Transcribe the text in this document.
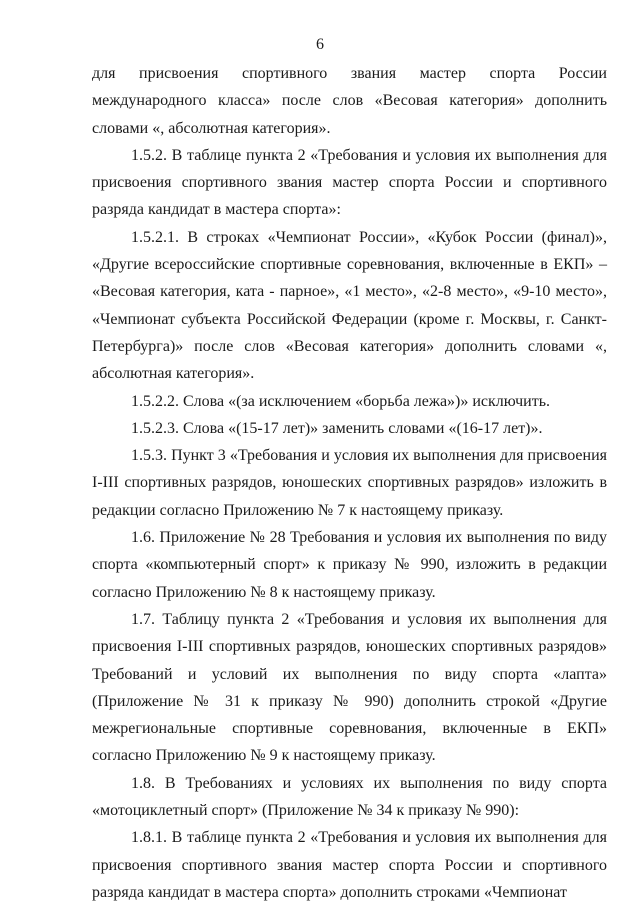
6

для присвоения спортивного звания мастер спорта России международного класса» после слов «Весовая категория» дополнить словами «, абсолютная категория».

1.5.2. В таблице пункта 2 «Требования и условия их выполнения для присвоения спортивного звания мастер спорта России и спортивного разряда кандидат в мастера спорта»:

1.5.2.1. В строках «Чемпионат России», «Кубок России (финал)», «Другие всероссийские спортивные соревнования, включенные в ЕКП» – «Весовая категория, ката - парное», «1 место», «2-8 место», «9-10 место», «Чемпионат субъекта Российской Федерации (кроме г. Москвы, г. Санкт-Петербурга)» после слов «Весовая категория» дополнить словами «, абсолютная категория».

1.5.2.2. Слова «(за исключением «борьба лежа»)» исключить.

1.5.2.3. Слова «(15-17 лет)» заменить словами «(16-17 лет)».

1.5.3. Пункт 3 «Требования и условия их выполнения для присвоения I-III спортивных разрядов, юношеских спортивных разрядов» изложить в редакции согласно Приложению № 7 к настоящему приказу.

1.6. Приложение № 28 Требования и условия их выполнения по виду спорта «компьютерный спорт» к приказу № 990, изложить в редакции согласно Приложению № 8 к настоящему приказу.

1.7. Таблицу пункта 2 «Требования и условия их выполнения для присвоения I-III спортивных разрядов, юношеских спортивных разрядов» Требований и условий их выполнения по виду спорта «лапта» (Приложение № 31 к приказу № 990) дополнить строкой «Другие межрегиональные спортивные соревнования, включенные в ЕКП» согласно Приложению № 9 к настоящему приказу.

1.8. В Требованиях и условиях их выполнения по виду спорта «мотоциклетный спорт» (Приложение № 34 к приказу № 990):

1.8.1. В таблице пункта 2 «Требования и условия их выполнения для присвоения спортивного звания мастер спорта России и спортивного разряда кандидат в мастера спорта» дополнить строками «Чемпионат
